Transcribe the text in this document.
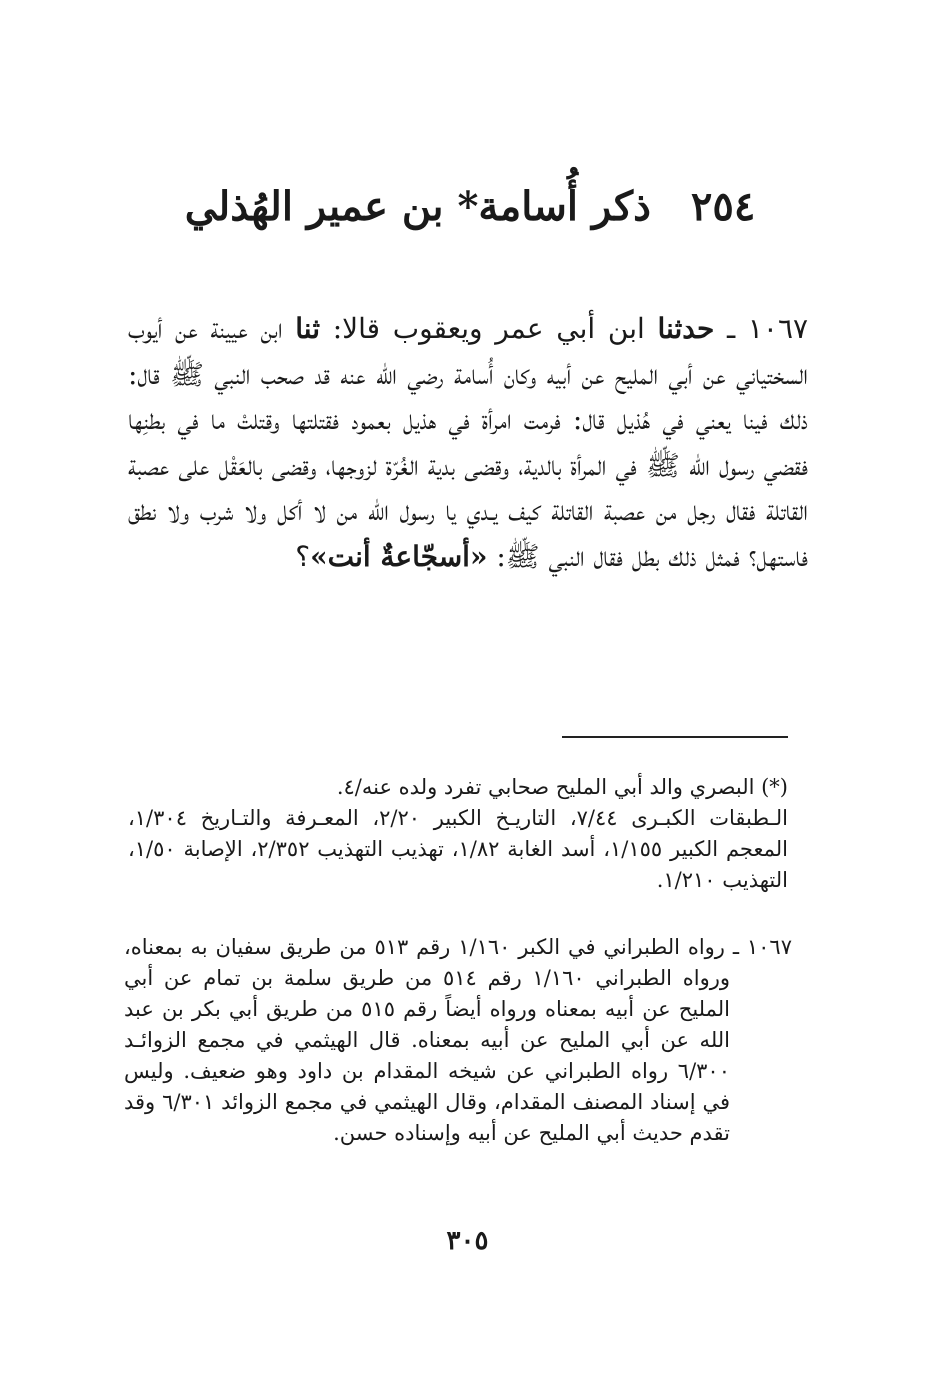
٢٥٤ ذكر أُسامة* بن عمير الهُذلي

١٠٦٧ ـ حدثنا ابن أبي عمر ويعقوب قالا: ثنا ابن عيينة عن أيوب السختياني عن أبي المليح عن أبيه وكان أُسامة رضي الله عنه قد صحب النبي ﷺ قال: ذلك فينا يعني في هُذيل قال: فرمت امرأة في هذيل بعمود فقتلتها وقتلتْ ما في بطنِها فقضي رسول الله ﷺ في المرأة بالدية، وقضى بدية الغُرّة لزوجها، وقضى بالعَقْل على عصبة القاتلة فقال رجل من عصبة القاتلة كيف يـدي يا رسول الله من لا أكل ولا شرب ولا نطق فاستهل؟ فمثل ذلك بطل فقال النبي ﷺ: «أسجّاعةٌ أنت»؟

(*) البصري والد أبي المليح صحابي تفرد ولده عنه/٤.

الـطبقات الكبـرى ٧/٤٤، التاريـخ الكبير ٢/٢٠، المعـرفة والتـاريخ ١/٣٠٤، المعجم الكبير ١/١٥٥، أسد الغابة ١/٨٢، تهذيب التهذيب ٢/٣٥٢، الإصابة ١/٥٠، التهذيب ١/٢١٠.

١٠٦٧ ـ رواه الطبراني في الكبر ١/١٦٠ رقم ٥١٣ من طريق سفيان به بمعناه، ورواه الطبراني ١/١٦٠ رقم ٥١٤ من طريق سلمة بن تمام عن أبي المليح عن أبيه بمعناه ورواه أيضاً رقم ٥١٥ من طريق أبي بكر بن عبد الله عن أبي المليح عن أبيه بمعناه. قال الهيثمي في مجمع الزوائـد ٦/٣٠٠ رواه الطبراني عن شيخه المقدام بن داود وهو ضعيف. وليس في إسناد المصنف المقدام، وقال الهيثمي في مجمع الزوائد ٦/٣٠١ وقد تقدم حديث أبي المليح عن أبيه وإسناده حسن.

٣٠٥
